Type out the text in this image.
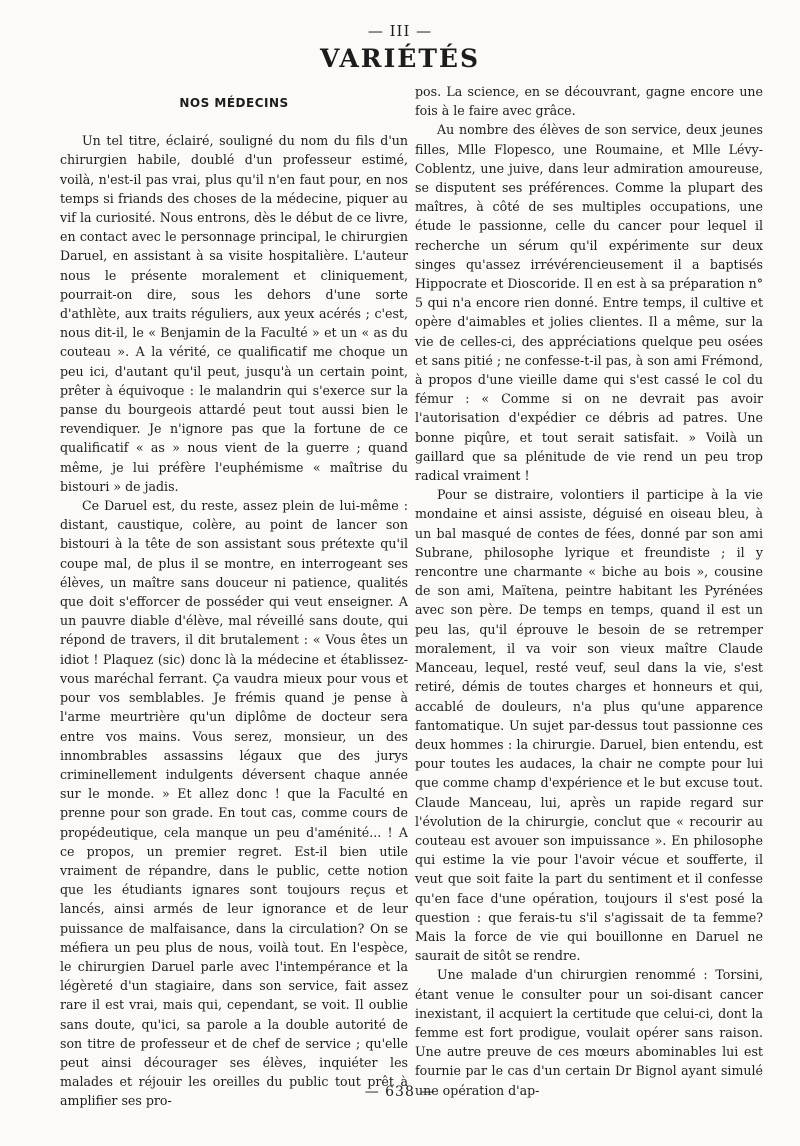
— III —
VARIÉTÉS
NOS MÉDECINS

Un tel titre, éclairé, souligné du nom du fils d'un chirurgien habile, doublé d'un professeur estimé, voilà, n'est-il pas vrai, plus qu'il n'en faut pour, en nos temps si friands des choses de la médecine, piquer au vif la curiosité. Nous entrons, dès le début de ce livre, en contact avec le personnage principal, le chirurgien Daruel, en assistant à sa visite hospitalière. L'auteur nous le présente moralement et cliniquement, pourrait-on dire, sous les dehors d'une sorte d'athlète, aux traits réguliers, aux yeux acérés ; c'est, nous dit-il, le « Benjamin de la Faculté » et un « as du couteau ». A la vérité, ce qualificatif me choque un peu ici, d'autant qu'il peut, jusqu'à un certain point, prêter à équivoque : le malandrin qui s'exerce sur la panse du bourgeois attardé peut tout aussi bien le revendiquer. Je n'ignore pas que la fortune de ce qualificatif « as » nous vient de la guerre ; quand même, je lui préfère l'euphémisme « maîtrise du bistouri » de jadis.

Ce Daruel est, du reste, assez plein de lui-même : distant, caustique, colère, au point de lancer son bistouri à la tête de son assistant sous prétexte qu'il coupe mal, de plus il se montre, en interrogeant ses élèves, un maître sans douceur ni patience, qualités que doit s'efforcer de posséder qui veut enseigner. A un pauvre diable d'élève, mal réveillé sans doute, qui répond de travers, il dit brutalement : « Vous êtes un idiot ! Plaquez (sic) donc là la médecine et établissez-vous maréchal ferrant. Ça vaudra mieux pour vous et pour vos semblables. Je frémis quand je pense à l'arme meurtrière qu'un diplôme de docteur sera entre vos mains. Vous serez, monsieur, un des innombrables assassins légaux que des jurys criminellement indulgents déversent chaque année sur le monde. » Et allez donc ! que la Faculté en prenne pour son grade. En tout cas, comme cours de propédeutique, cela manque un peu d'aménité... ! A ce propos, un premier regret. Est-il bien utile vraiment de répandre, dans le public, cette notion que les étudiants ignares sont toujours reçus et lancés, ainsi armés de leur ignorance et de leur puissance de malfaisance, dans la circulation? On se méfiera un peu plus de nous, voilà tout. En l'espèce, le chirurgien Daruel parle avec l'intempérance et la légèreté d'un stagiaire, dans son service, fait assez rare il est vrai, mais qui, cependant, se voit. Il oublie sans doute, qu'ici, sa parole a la double autorité de son titre de professeur et de chef de service ; qu'elle peut ainsi décourager ses élèves, inquiéter les malades et réjouir les oreilles du public tout prêt à amplifier ses pro-

pos. La science, en se découvrant, gagne encore une fois à le faire avec grâce.

Au nombre des élèves de son service, deux jeunes filles, Mlle Flopesco, une Roumaine, et Mlle Lévy-Coblentz, une juive, dans leur admiration amoureuse, se disputent ses préférences. Comme la plupart des maîtres, à côté de ses multiples occupations, une étude le passionne, celle du cancer pour lequel il recherche un sérum qu'il expérimente sur deux singes qu'assez irrévérencieusement il a baptisés Hippocrate et Dioscoride. Il en est à sa préparation n° 5 qui n'a encore rien donné. Entre temps, il cultive et opère d'aimables et jolies clientes. Il a même, sur la vie de celles-ci, des appréciations quelque peu osées et sans pitié ; ne confesse-t-il pas, à son ami Frémond, à propos d'une vieille dame qui s'est cassé le col du fémur : « Comme si on ne devrait pas avoir l'autorisation d'expédier ce débris ad patres. Une bonne piqûre, et tout serait satisfait. » Voilà un gaillard que sa plénitude de vie rend un peu trop radical vraiment !

Pour se distraire, volontiers il participe à la vie mondaine et ainsi assiste, déguisé en oiseau bleu, à un bal masqué de contes de fées, donné par son ami Subrane, philosophe lyrique et freundiste ; il y rencontre une charmante « biche au bois », cousine de son ami, Maïtena, peintre habitant les Pyrénées avec son père. De temps en temps, quand il est un peu las, qu'il éprouve le besoin de se retremper moralement, il va voir son vieux maître Claude Manceau, lequel, resté veuf, seul dans la vie, s'est retiré, démis de toutes charges et honneurs et qui, accablé de douleurs, n'a plus qu'une apparence fantomatique. Un sujet par-dessus tout passionne ces deux hommes : la chirurgie. Daruel, bien entendu, est pour toutes les audaces, la chair ne compte pour lui que comme champ d'expérience et le but excuse tout. Claude Manceau, lui, après un rapide regard sur l'évolution de la chirurgie, conclut que « recourir au couteau est avouer son impuissance ». En philosophe qui estime la vie pour l'avoir vécue et soufferte, il veut que soit faite la part du sentiment et il confesse qu'en face d'une opération, toujours il s'est posé la question : que ferais-tu s'il s'agissait de ta femme? Mais la force de vie qui bouillonne en Daruel ne saurait de sitôt se rendre.

Une malade d'un chirurgien renommé : Torsini, étant venue le consulter pour un soi-disant cancer inexistant, il acquiert la certitude que celui-ci, dont la femme est fort prodigue, voulait opérer sans raison. Une autre preuve de ces mœurs abominables lui est fournie par le cas d'un certain Dr Bignol ayant simulé une opération d'ap-

— 638 —
